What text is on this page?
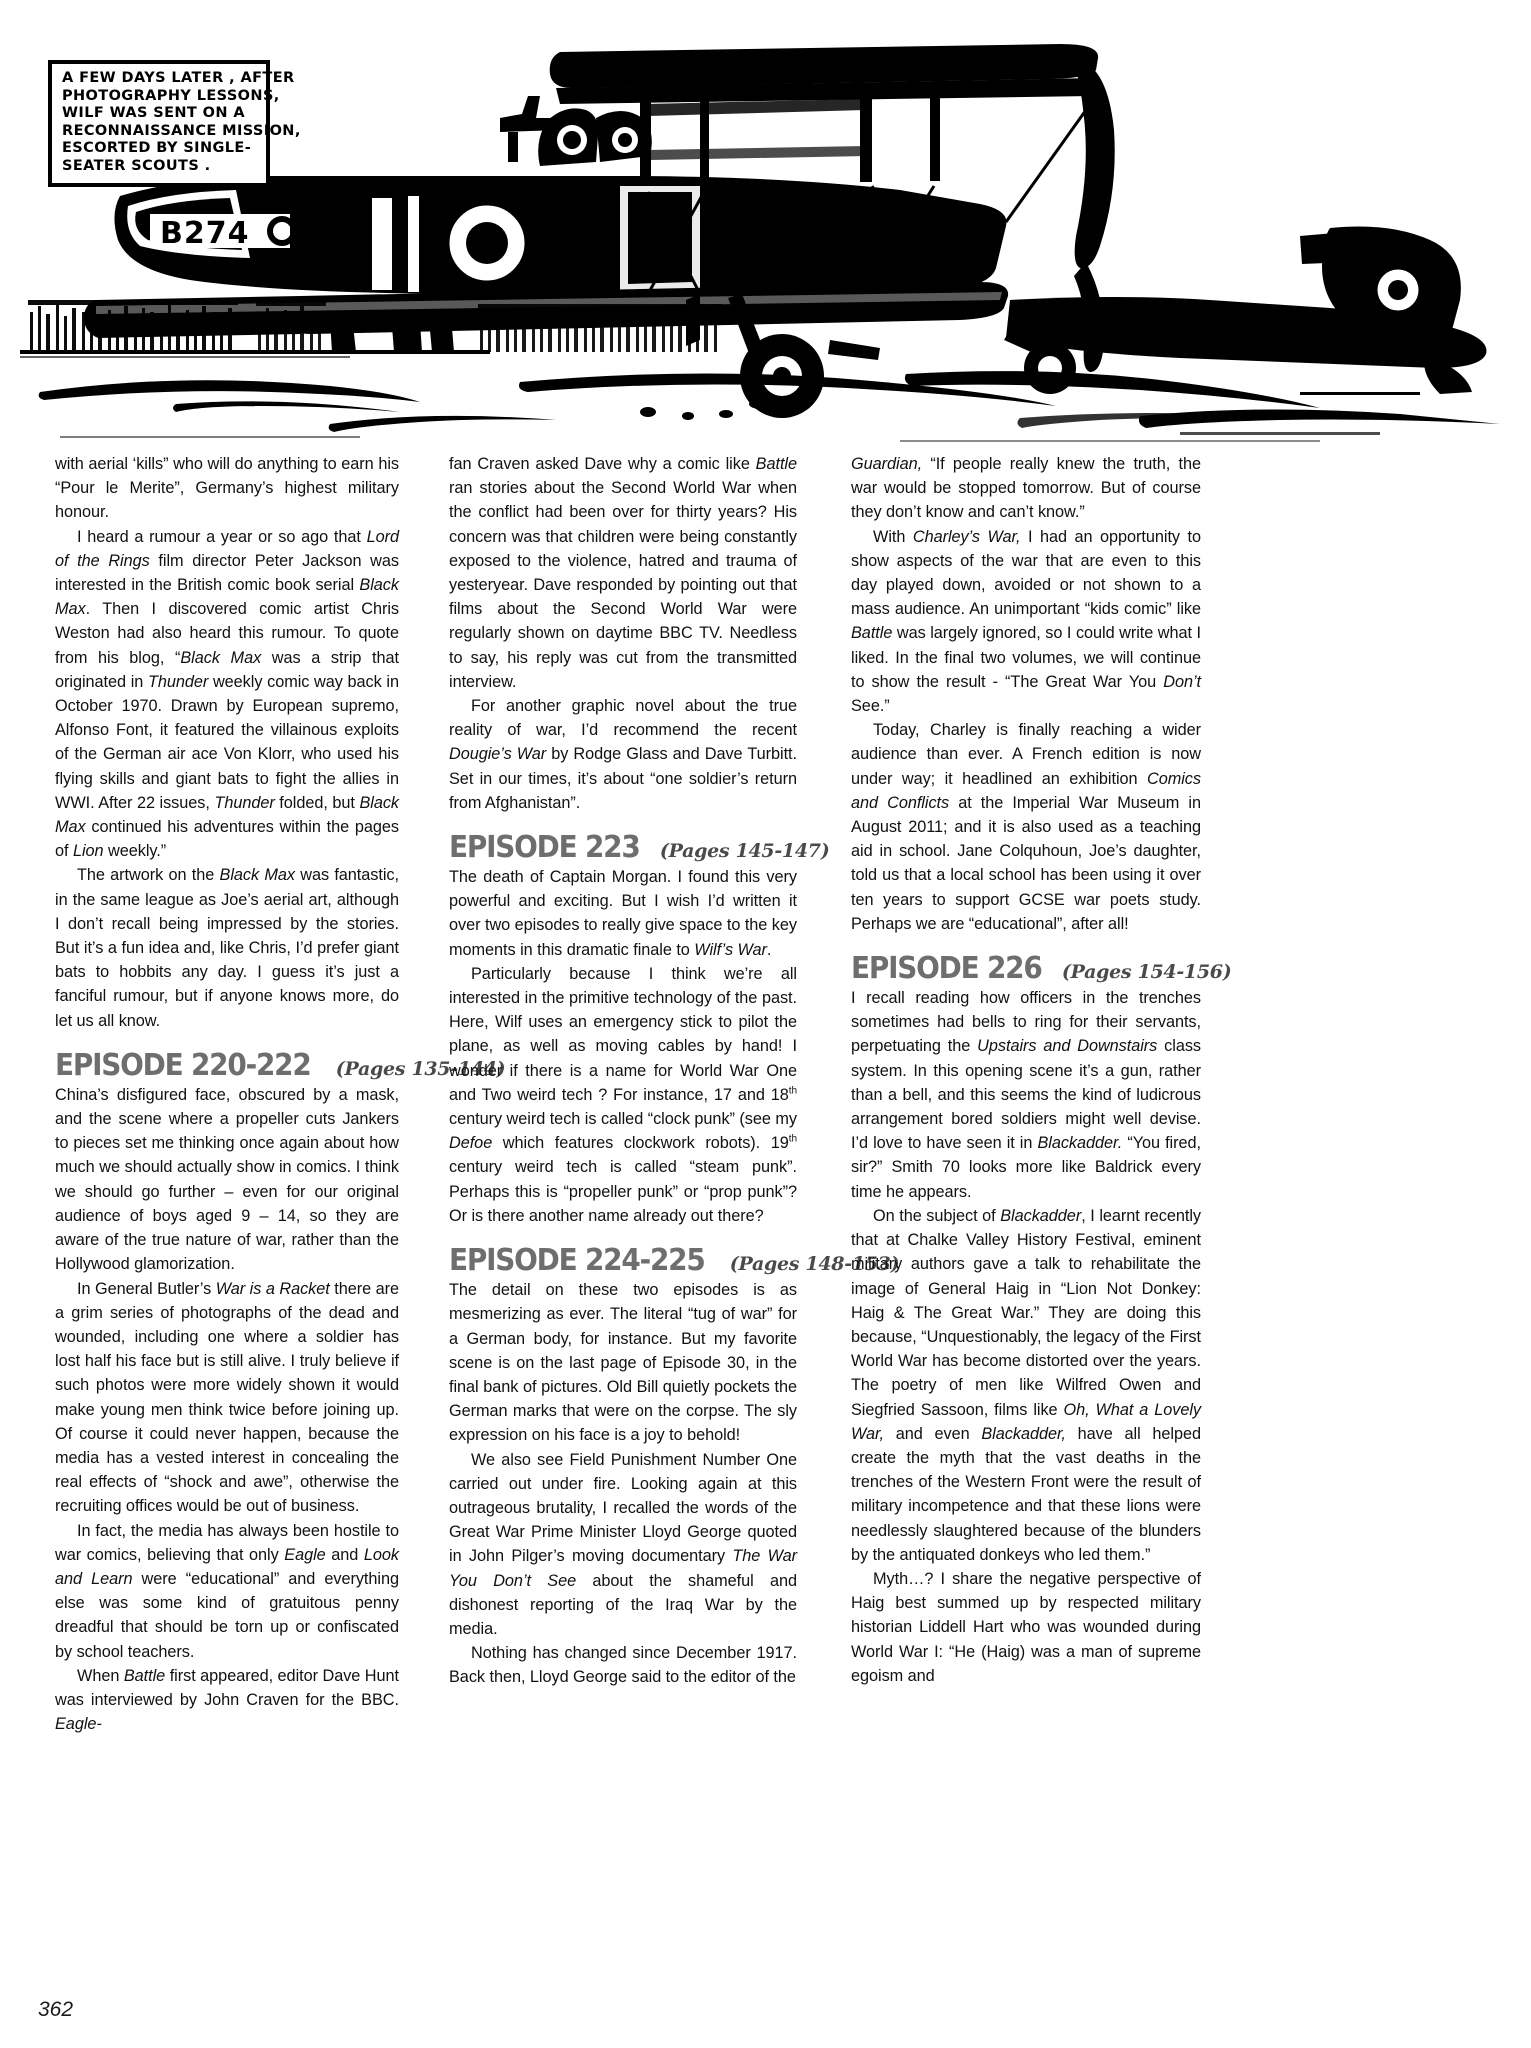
B274
A FEW DAYS LATER , AFTER
PHOTOGRAPHY LESSONS,
WILF WAS SENT ON A
RECONNAISSANCE MISSION,
ESCORTED BY SINGLE-
SEATER SCOUTS .

with aerial ‘kills” who will do anything to earn his “Pour le Merite”, Germany’s highest military honour.

I heard a rumour a year or so ago that Lord of the Rings film director Peter Jackson was interested in the British comic book serial Black Max. Then I discovered comic artist Chris Weston had also heard this rumour. To quote from his blog, “Black Max was a strip that originated in Thunder weekly comic way back in October 1970. Drawn by European supremo, Alfonso Font, it featured the villainous exploits of the German air ace Von Klorr, who used his flying skills and giant bats to fight the allies in WWI. After 22 issues, Thunder folded, but Black Max continued his adventures within the pages of Lion weekly.”

The artwork on the Black Max was fantastic, in the same league as Joe’s aerial art, although I don’t recall being impressed by the stories. But it’s a fun idea and, like Chris, I’d prefer giant bats to hobbits any day. I guess it’s just a fanciful rumour, but if anyone knows more, do let us all know.

EPISODE 220-222 (Pages 135-144)

China’s disfigured face, obscured by a mask, and the scene where a propeller cuts Jankers to pieces set me thinking once again about how much we should actually show in comics. I think we should go further – even for our original audience of boys aged 9 – 14, so they are aware of the true nature of war, rather than the Hollywood glamorization.

In General Butler’s War is a Racket there are a grim series of photographs of the dead and wounded, including one where a soldier has lost half his face but is still alive. I truly believe if such photos were more widely shown it would make young men think twice before joining up. Of course it could never happen, because the media has a vested interest in concealing the real effects of “shock and awe”, otherwise the recruiting offices would be out of business.

In fact, the media has always been hostile to war comics, believing that only Eagle and Look and Learn were “educational” and everything else was some kind of gratuitous penny dreadful that should be torn up or confiscated by school teachers.

When Battle first appeared, editor Dave Hunt was interviewed by John Craven for the BBC. Eagle-

fan Craven asked Dave why a comic like Battle ran stories about the Second World War when the conflict had been over for thirty years? His concern was that children were being constantly exposed to the violence, hatred and trauma of yesteryear. Dave responded by pointing out that films about the Second World War were regularly shown on daytime BBC TV. Needless to say, his reply was cut from the transmitted interview.

For another graphic novel about the true reality of war, I’d recommend the recent Dougie’s War by Rodge Glass and Dave Turbitt. Set in our times, it’s about “one soldier’s return from Afghanistan”.

EPISODE 223 (Pages 145-147)

The death of Captain Morgan. I found this very powerful and exciting. But I wish I’d written it over two episodes to really give space to the key moments in this dramatic finale to Wilf’s War.

Particularly because I think we’re all interested in the primitive technology of the past. Here, Wilf uses an emergency stick to pilot the plane, as well as moving cables by hand! I wonder if there is a name for World War One and Two weird tech ? For instance, 17 and 18th century weird tech is called “clock punk” (see my Defoe which features clockwork robots). 19th century weird tech is called “steam punk”. Perhaps this is “propeller punk” or “prop punk”? Or is there another name already out there?

EPISODE 224-225 (Pages 148-153)

The detail on these two episodes is as mesmerizing as ever. The literal “tug of war” for a German body, for instance. But my favorite scene is on the last page of Episode 30, in the final bank of pictures. Old Bill quietly pockets the German marks that were on the corpse. The sly expression on his face is a joy to behold!

We also see Field Punishment Number One carried out under fire. Looking again at this outrageous brutality, I recalled the words of the Great War Prime Minister Lloyd George quoted in John Pilger’s moving documentary The War You Don’t See about the shameful and dishonest reporting of the Iraq War by the media.

Nothing has changed since December 1917. Back then, Lloyd George said to the editor of the

Guardian, “If people really knew the truth, the war would be stopped tomorrow. But of course they don’t know and can’t know.”

With Charley’s War, I had an opportunity to show aspects of the war that are even to this day played down, avoided or not shown to a mass audience. An unimportant “kids comic” like Battle was largely ignored, so I could write what I liked. In the final two volumes, we will continue to show the result - “The Great War You Don’t See.”

Today, Charley is finally reaching a wider audience than ever. A French edition is now under way; it headlined an exhibition Comics and Conflicts at the Imperial War Museum in August 2011; and it is also used as a teaching aid in school. Jane Colquhoun, Joe’s daughter, told us that a local school has been using it over ten years to support GCSE war poets study. Perhaps we are “educational”, after all!

EPISODE 226 (Pages 154-156)

I recall reading how officers in the trenches sometimes had bells to ring for their servants, perpetuating the Upstairs and Downstairs class system. In this opening scene it’s a gun, rather than a bell, and this seems the kind of ludicrous arrangement bored soldiers might well devise. I’d love to have seen it in Blackadder. “You fired, sir?” Smith 70 looks more like Baldrick every time he appears.

On the subject of Blackadder, I learnt recently that at Chalke Valley History Festival, eminent military authors gave a talk to rehabilitate the image of General Haig in “Lion Not Donkey: Haig & The Great War.” They are doing this because, “Unquestionably, the legacy of the First World War has become distorted over the years. The poetry of men like Wilfred Owen and Siegfried Sassoon, films like Oh, What a Lovely War, and even Blackadder, have all helped create the myth that the vast deaths in the trenches of the Western Front were the result of military incompetence and that these lions were needlessly slaughtered because of the blunders by the antiquated donkeys who led them.”

Myth…? I share the negative perspective of Haig best summed up by respected military historian Liddell Hart who was wounded during World War I: “He (Haig) was a man of supreme egoism and

362
